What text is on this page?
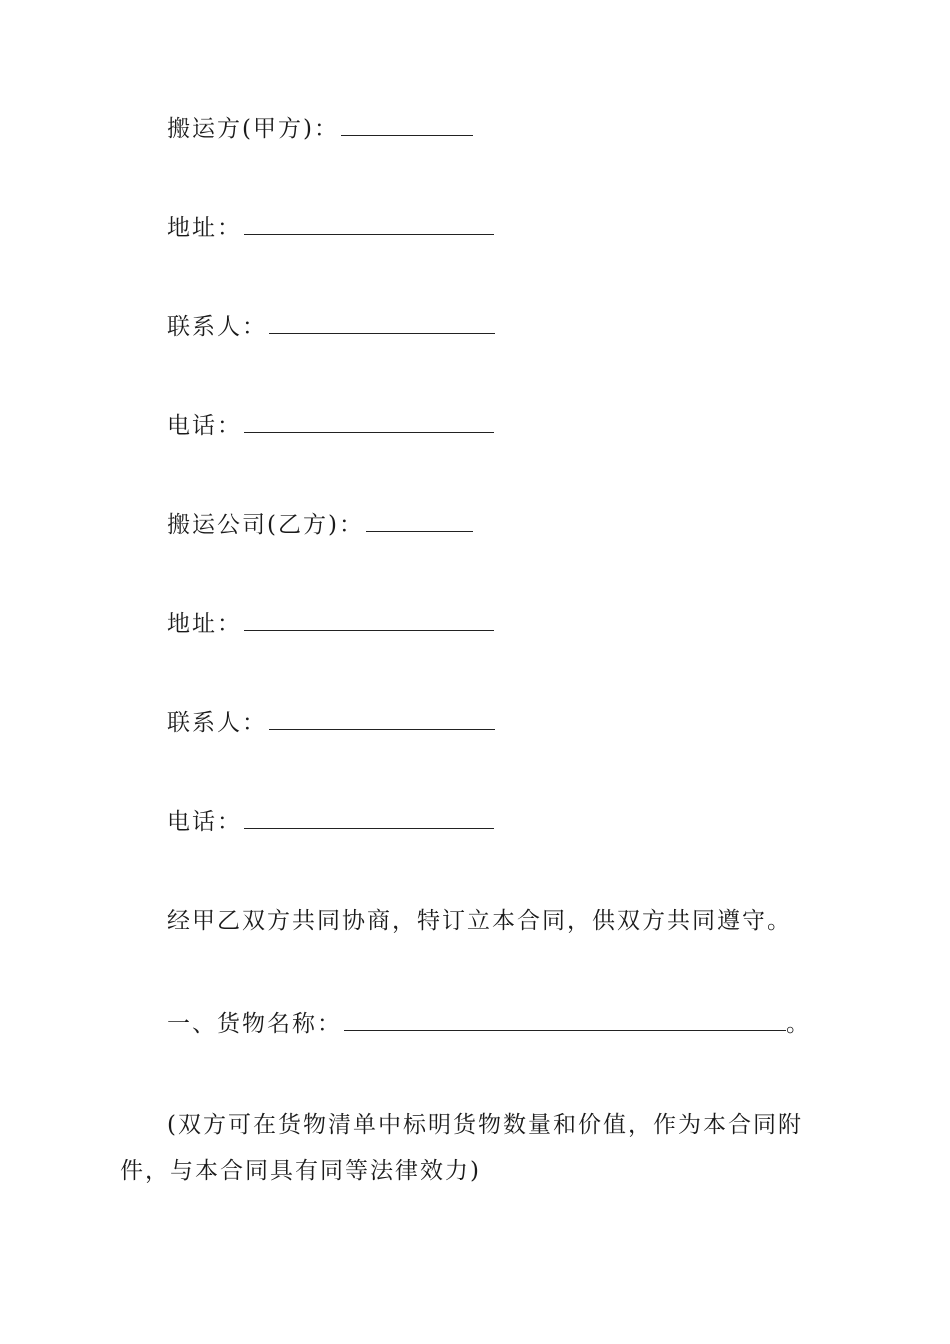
搬运方(甲方)：
地址：
联系人：
电话：
搬运公司(乙方)：
地址：
联系人：
电话：
经甲乙双方共同协商，特订立本合同，供双方共同遵守。
一、货物名称：	。
(双方可在货物清单中标明货物数量和价值，作为本合同附件，与本合同具有同等法律效力)
